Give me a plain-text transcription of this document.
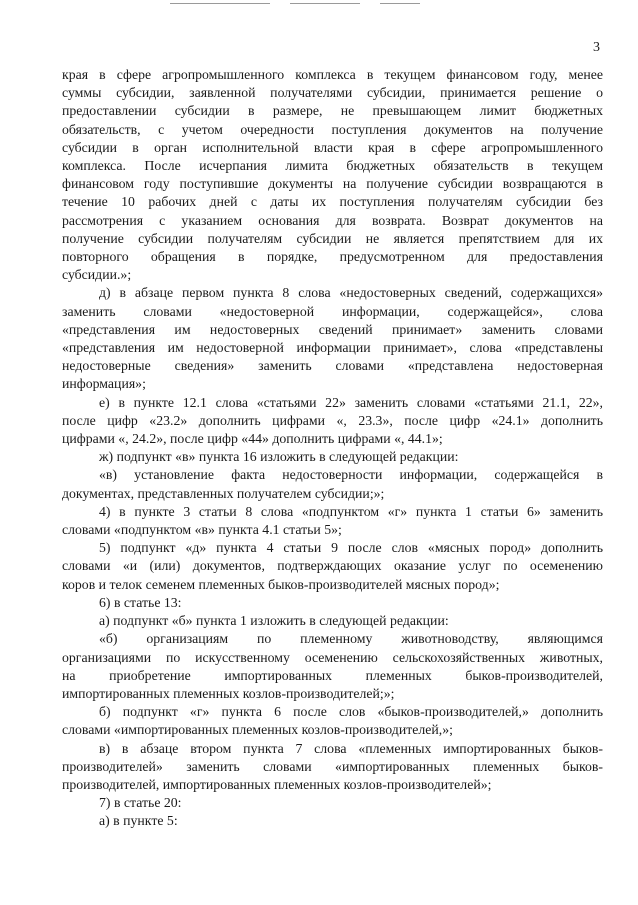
3
края в сфере агропромышленного комплекса в текущем финансовом году, менее
суммы субсидии, заявленной получателями субсидии, принимается решение о
предоставлении субсидии в размере, не превышающем лимит бюджетных
обязательств, с учетом очередности поступления документов на получение
субсидии в орган исполнительной власти края в сфере агропромышленного
комплекса. После исчерпания лимита бюджетных обязательств в текущем
финансовом году поступившие документы на получение субсидии возвращаются в
течение 10 рабочих дней с даты их поступления получателям субсидии без
рассмотрения с указанием основания для возврата. Возврат документов на
получение субсидии получателям субсидии не является препятствием для их
повторного обращения в порядке, предусмотренном для предоставления
субсидии.»;
д) в абзаце первом пункта 8 слова «недостоверных сведений, содержащихся»
заменить словами «недостоверной информации, содержащейся», слова
«представления им недостоверных сведений принимает» заменить словами
«представления им недостоверной информации принимает», слова «представлены
недостоверные сведения» заменить словами «представлена недостоверная
информация»;
е) в пункте 12.1 слова «статьями 22» заменить словами «статьями 21.1, 22»,
после цифр «23.2» дополнить цифрами «, 23.3», после цифр «24.1» дополнить
цифрами «, 24.2», после цифр «44» дополнить цифрами «, 44.1»;
ж) подпункт «в» пункта 16 изложить в следующей редакции:
«в) установление факта недостоверности информации, содержащейся в
документах, представленных получателем субсидии;»;
4) в пункте 3 статьи 8 слова «подпунктом «г» пункта 1 статьи 6» заменить
словами «подпунктом «в» пункта 4.1 статьи 5»;
5) подпункт «д» пункта 4 статьи 9 после слов «мясных пород» дополнить
словами «и (или) документов, подтверждающих оказание услуг по осеменению
коров и телок семенем племенных быков-производителей мясных пород»;
6) в статье 13:
а) подпункт «б» пункта 1 изложить в следующей редакции:
«б) организациям по племенному животноводству, являющимся
организациями по искусственному осеменению сельскохозяйственных животных,
на приобретение импортированных племенных быков-производителей,
импортированных племенных козлов-производителей;»;
б) подпункт «г» пункта 6 после слов «быков-производителей,» дополнить
словами «импортированных племенных козлов-производителей,»;
в) в абзаце втором пункта 7 слова «племенных импортированных быков-
производителей» заменить словами «импортированных племенных быков-
производителей, импортированных племенных козлов-производителей»;
7) в статье 20:
а) в пункте 5:
